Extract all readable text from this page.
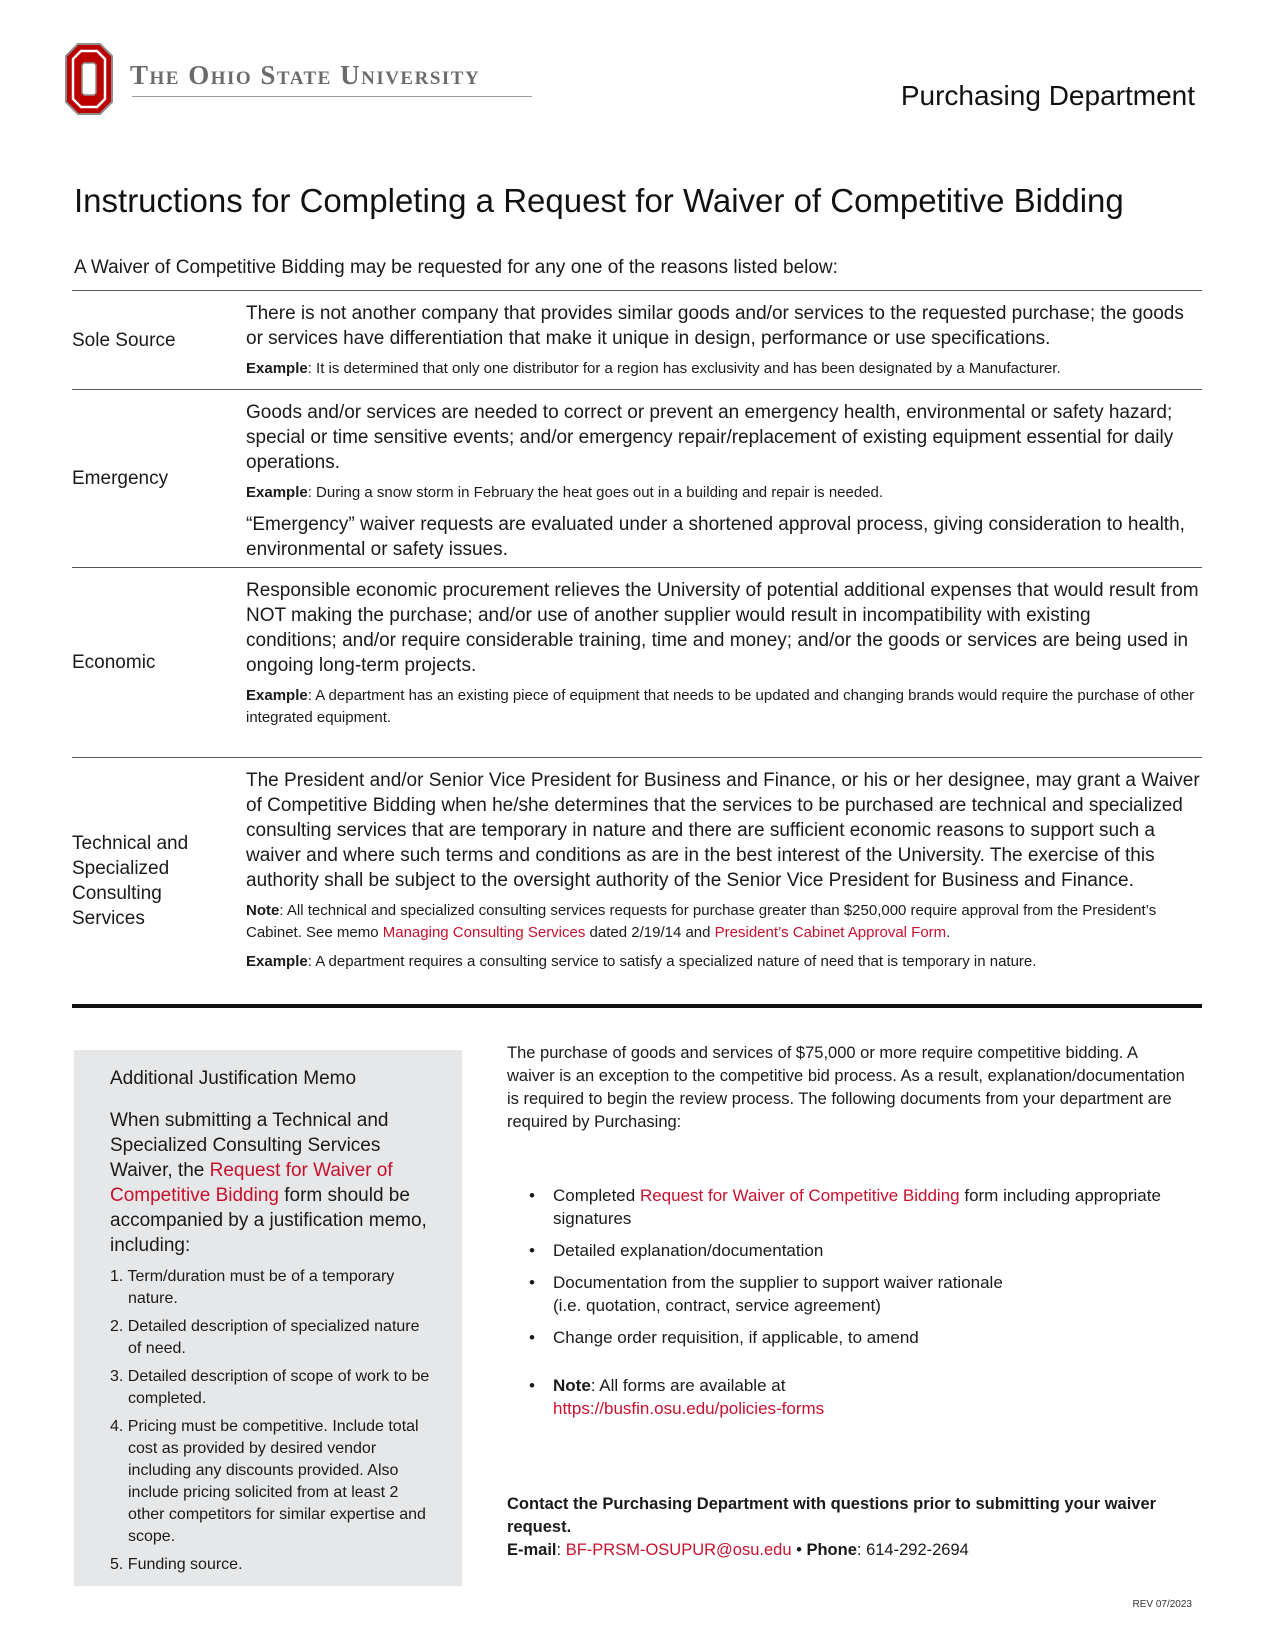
The Ohio State University
Purchasing Department
Instructions for Completing a Request for Waiver of Competitive Bidding

A Waiver of Competitive Bidding may be requested for any one of the reasons listed below:

Sole Source

There is not another company that provides similar goods and/or services to the requested purchase; the goods or services have differentiation that make it unique in design, performance or use specifications.

Example: It is determined that only one distributor for a region has exclusivity and has been designated by a Manufacturer.

Emergency

Goods and/or services are needed to correct or prevent an emergency health, environmental or safety hazard; special or time sensitive events; and/or emergency repair/replacement of existing equipment essential for daily operations.

Example: During a snow storm in February the heat goes out in a building and repair is needed.

“Emergency” waiver requests are evaluated under a shortened approval process, giving consideration to health, environmental or safety issues.

Economic

Responsible economic procurement relieves the University of potential additional expenses that would result from NOT making the purchase; and/or use of another supplier would result in incompatibility with existing

conditions; and/or require considerable training, time and money; and/or the goods or services are being used in ongoing long-term projects.

Example: A department has an existing piece of equipment that needs to be updated and changing brands would require the purchase of other integrated equipment.

Technical and
Specialized
Consulting
Services

The President and/or Senior Vice President for Business and Finance, or his or her designee, may grant a Waiver of Competitive Bidding when he/she determines that the services to be purchased are technical and specialized consulting services that are temporary in nature and there are sufficient economic reasons to support such a waiver and where such terms and conditions as are in the best interest of the University. The exercise of this authority shall be subject to the oversight authority of the Senior Vice President for Business and Finance.

Note: All technical and specialized consulting services requests for purchase greater than $250,000 require approval from the President’s Cabinet. See memo Managing Consulting Services dated 2/19/14 and President’s Cabinet Approval Form.

Example: A department requires a consulting service to satisfy a specialized nature of need that is temporary in nature.

Additional Justification Memo

When submitting a Technical and Specialized Consulting Services Waiver, the Request for Waiver of Competitive Bidding form should be accompanied by a justification memo, including:

1. Term/duration must be of a temporary nature.
2. Detailed description of specialized nature of need.
3. Detailed description of scope of work to be completed.
4. Pricing must be competitive. Include total cost as provided by desired vendor including any discounts provided. Also include pricing solicited from at least 2 other competitors for similar expertise and scope.
5. Funding source.

The purchase of goods and services of $75,000 or more require competitive bidding. A waiver is an exception to the competitive bid process. As a result, explanation/documentation is required to begin the review process. The following documents from your department are required by Purchasing:

• Completed Request for Waiver of Competitive Bidding form including appropriate signatures
• Detailed explanation/documentation
• Documentation from the supplier to support waiver rationale
(i.e. quotation, contract, service agreement)
• Change order requisition, if applicable, to amend
• Note: All forms are available at
https://busfin.osu.edu/policies-forms

Contact the Purchasing Department with questions prior to submitting your waiver request.

E-mail: BF-PRSM-OSUPUR@osu.edu • Phone: 614-292-2694

REV 07/2023
